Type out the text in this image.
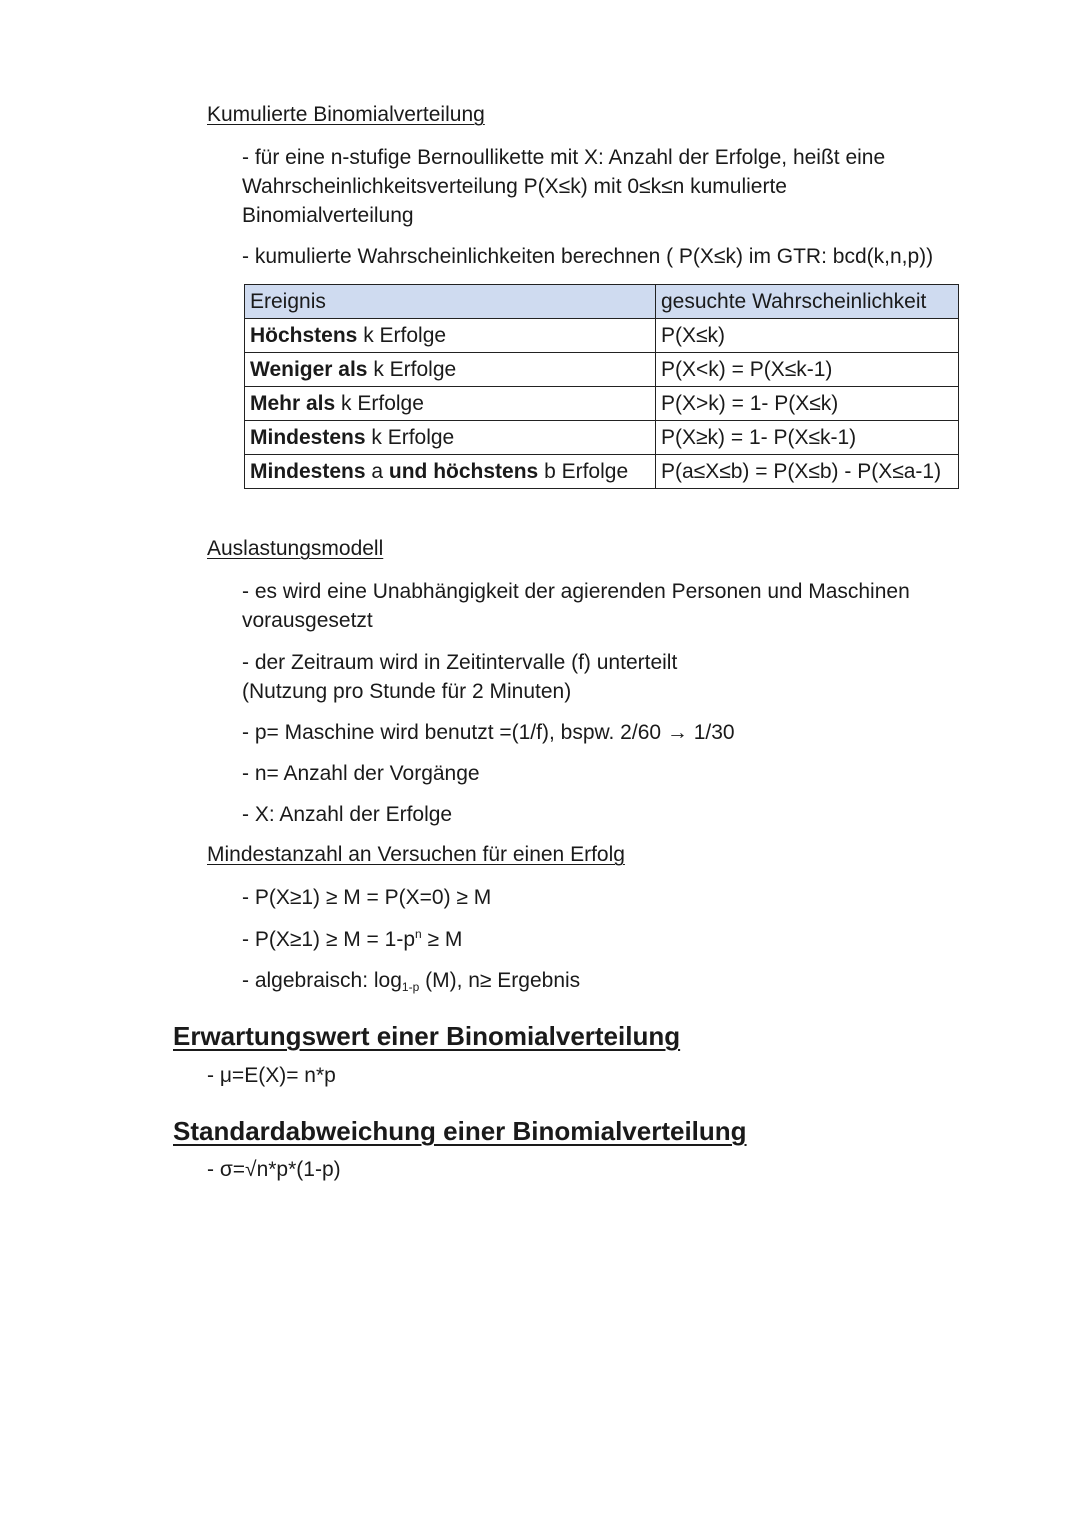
Kumulierte Binomialverteilung
- für eine n-stufige Bernoullikette mit X: Anzahl der Erfolge, heißt eine
Wahrscheinlichkeitsverteilung P(X≤k) mit 0≤k≤n kumulierte
Binomialverteilung
- kumulierte Wahrscheinlichkeiten berechnen ( P(X≤k) im GTR: bcd(k,n,p))
Ereignis	gesuchte Wahrscheinlichkeit
Höchstens k Erfolge	P(X≤k)
Weniger als k Erfolge	P(X<k) = P(X≤k-1)
Mehr als k Erfolge	P(X>k) = 1- P(X≤k)
Mindestens k Erfolge	P(X≥k) = 1- P(X≤k-1)
Mindestens a und höchstens b Erfolge	P(a≤X≤b) = P(X≤b) - P(X≤a-1)
Auslastungsmodell
- es wird eine Unabhängigkeit der agierenden Personen und Maschinen
vorausgesetzt
- der Zeitraum wird in Zeitintervalle (f) unterteilt
(Nutzung pro Stunde für 2 Minuten)
- p= Maschine wird benutzt =(1/f), bspw. 2/60 → 1/30
- n= Anzahl der Vorgänge
- X: Anzahl der Erfolge
Mindestanzahl an Versuchen für einen Erfolg
- P(X≥1) ≥ M = P(X=0) ≥ M
- $P(X\ge 1) \ge M = 1-p^n \ge M$
- algebraisch: log1-p (M), n≥ Ergebnis
Erwartungswert einer Binomialverteilung
- μ=E(X)= n*p
Standardabweichung einer Binomialverteilung
- σ=√n*p*(1-p)
